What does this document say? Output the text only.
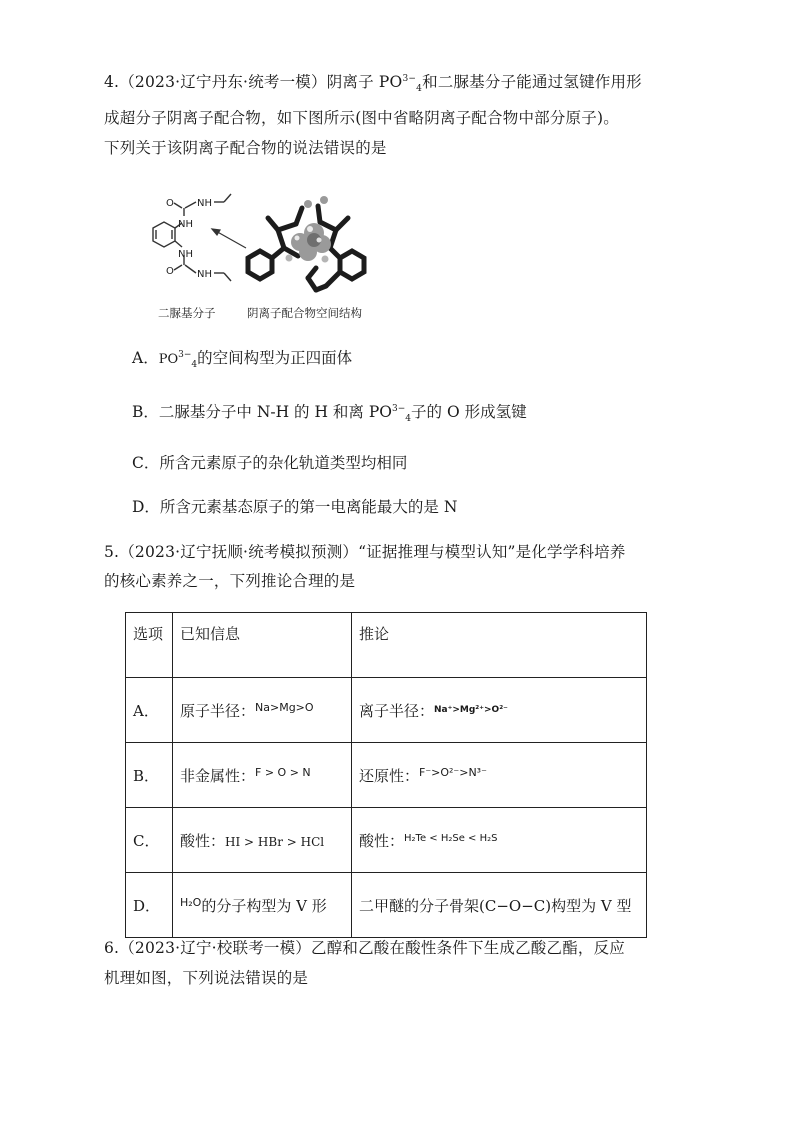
4.（2023·辽宁丹东·统考一模）阴离子 $PO^{3-}_4$和二脲基分子能通过氢键作用形
成超分子阴离子配合物，如下图所示(图中省略阴离子配合物中部分原子)。
下列关于该阴离子配合物的说法错误的是
O NH
NH
NH
O NH
二脲基分子	阴离子配合物空间结构
A．$PO^{3-}_4$的空间构型为正四面体
B．二脲基分子中 N-H 的 H 和离 $PO^{3-}_4$子的 O 形成氢键
C．所含元素原子的杂化轨道类型均相同
D．所含元素基态原子的第一电离能最大的是 N
5.（2023·辽宁抚顺·统考模拟预测）“证据推理与模型认知”是化学学科培养
的核心素养之一，下列推论合理的是
选项	已知信息	推论
A．	原子半径：$^{Na>Mg>O}$	离子半径：$^{Na^+>Mg^{2+}>O^{2-}}$
B．	非金属性：$^{F > O > N}$	还原性：$^{F^->O^{2-}>N^{3-}}$
C．	酸性：HI > HBr > HCl	酸性：$^{H_2Te < H_2Se < H_2S}$
D．	$^{H_2O}$的分子构型为 V 形	二甲醚的分子骨架(C−O−C)构型为 V 型
6.（2023·辽宁·校联考一模）乙醇和乙酸在酸性条件下生成乙酸乙酯，反应
机理如图，下列说法错误的是
